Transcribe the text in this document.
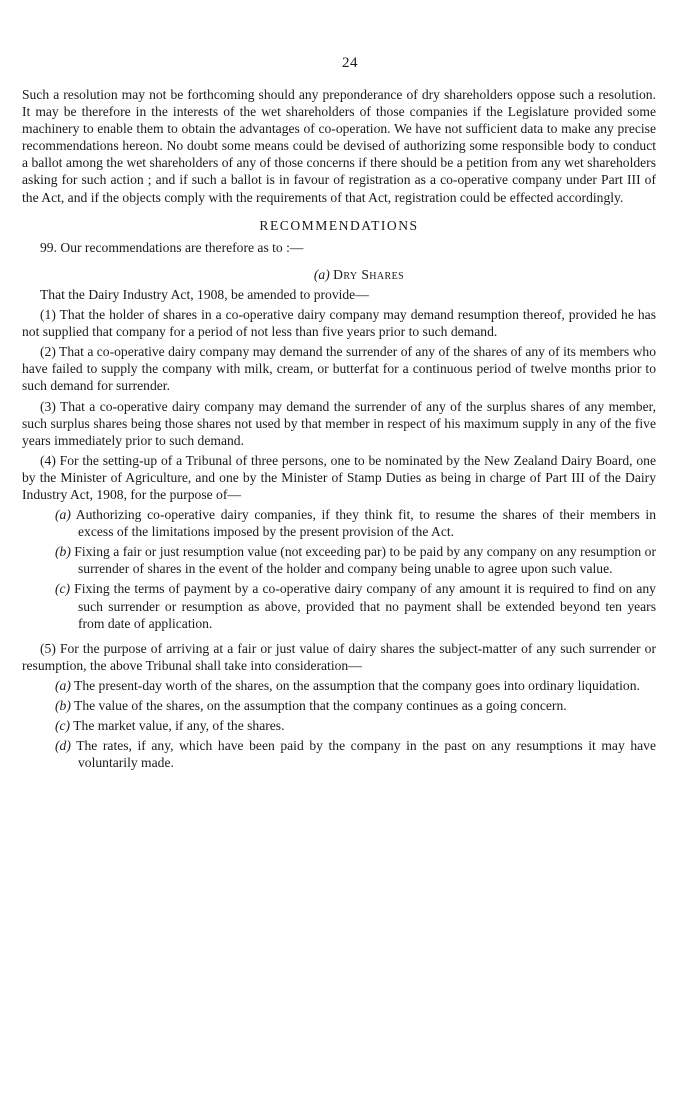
24

Such a resolution may not be forthcoming should any preponderance of dry shareholders oppose such a resolution. It may be therefore in the interests of the wet shareholders of those companies if the Legislature provided some machinery to enable them to obtain the advantages of co-operation. We have not sufficient data to make any precise recommendations hereon. No doubt some means could be devised of authorizing some responsible body to conduct a ballot among the wet shareholders of any of those concerns if there should be a petition from any wet shareholders asking for such action ; and if such a ballot is in favour of registration as a co-operative company under Part III of the Act, and if the objects comply with the requirements of that Act, registration could be effected accordingly.

RECOMMENDATIONS

99. Our recommendations are therefore as to :—

(a) Dry Shares

That the Dairy Industry Act, 1908, be amended to provide—

(1) That the holder of shares in a co-operative dairy company may demand resumption thereof, provided he has not supplied that company for a period of not less than five years prior to such demand.

(2) That a co-operative dairy company may demand the surrender of any of the shares of any of its members who have failed to supply the company with milk, cream, or butterfat for a continuous period of twelve months prior to such demand for surrender.

(3) That a co-operative dairy company may demand the surrender of any of the surplus shares of any member, such surplus shares being those shares not used by that member in respect of his maximum supply in any of the five years immediately prior to such demand.

(4) For the setting-up of a Tribunal of three persons, one to be nominated by the New Zealand Dairy Board, one by the Minister of Agriculture, and one by the Minister of Stamp Duties as being in charge of Part III of the Dairy Industry Act, 1908, for the purpose of—

(a) Authorizing co-operative dairy companies, if they think fit, to resume the shares of their members in excess of the limitations imposed by the present provision of the Act.
(b) Fixing a fair or just resumption value (not exceeding par) to be paid by any company on any resumption or surrender of shares in the event of the holder and company being unable to agree upon such value.
(c) Fixing the terms of payment by a co-operative dairy company of any amount it is required to find on any such surrender or resumption as above, provided that no payment shall be extended beyond ten years from date of application.

(5) For the purpose of arriving at a fair or just value of dairy shares the subject-matter of any such surrender or resumption, the above Tribunal shall take into consideration—

(a) The present-day worth of the shares, on the assumption that the company goes into ordinary liquidation.
(b) The value of the shares, on the assumption that the company continues as a going concern.
(c) The market value, if any, of the shares.
(d) The rates, if any, which have been paid by the company in the past on any resumptions it may have voluntarily made.
